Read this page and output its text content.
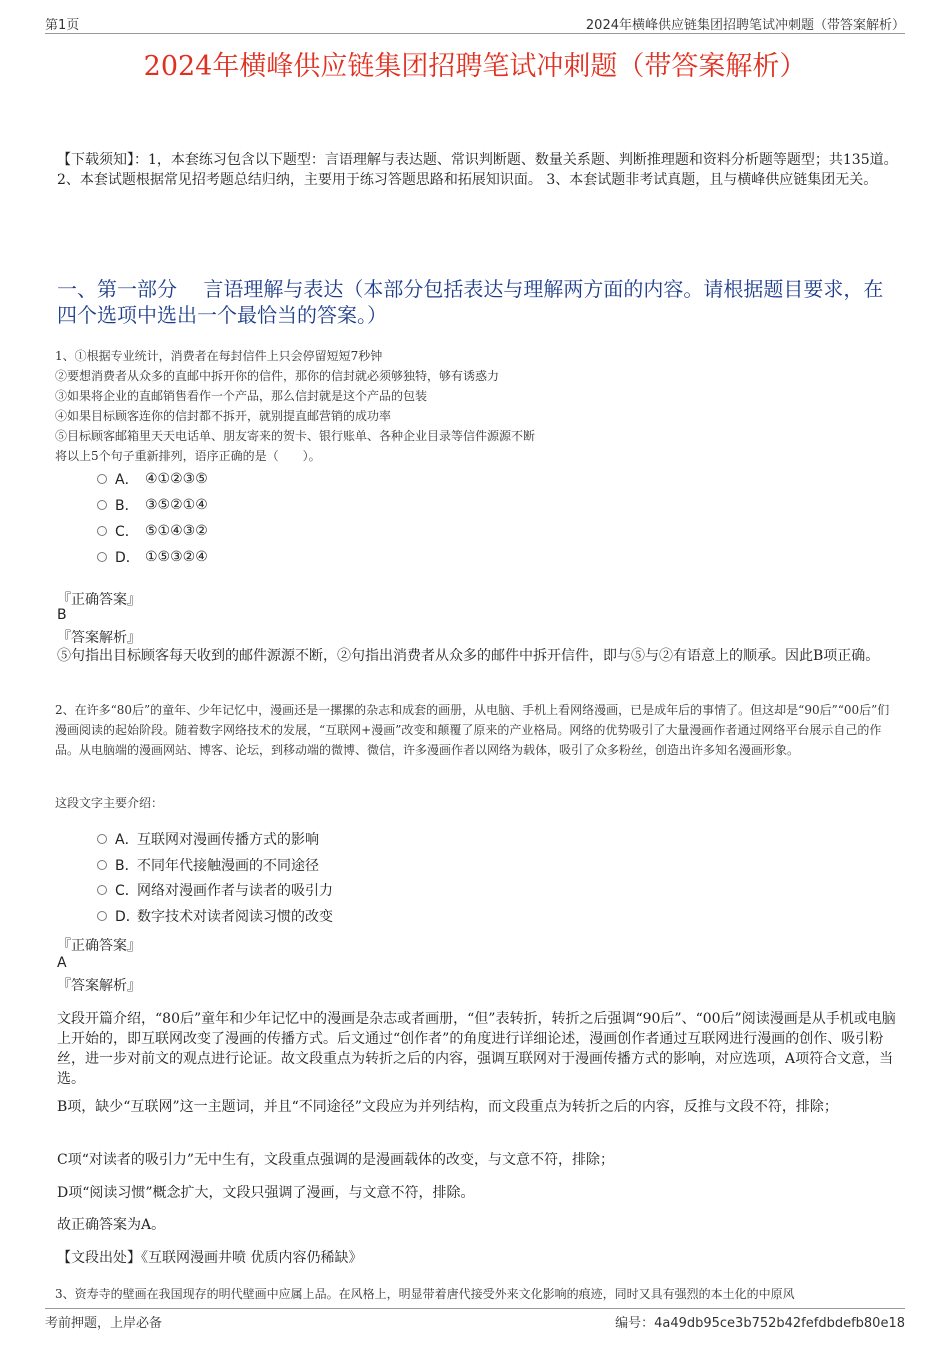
第1页	2024年横峰供应链集团招聘笔试冲刺题（带答案解析）
2024年横峰供应链集团招聘笔试冲刺题（带答案解析）
【下载须知】：1，本套练习包含以下题型：言语理解与表达题、常识判断题、数量关系题、判断推理题和资料分析题等题型；共135道。 2、本套试题根据常见招考题总结归纳，主要用于练习答题思路和拓展知识面。 3、本套试题非考试真题，且与横峰供应链集团无关。
一、第一部分　 言语理解与表达（本部分包括表达与理解两方面的内容。请根据题目要求，在四个选项中选出一个最恰当的答案。）
1、①根据专业统计，消费者在每封信件上只会停留短短7秒钟
②要想消费者从众多的直邮中拆开你的信件，那你的信封就必须够独特，够有诱惑力
③如果将企业的直邮销售看作一个产品，那么信封就是这个产品的包装
④如果目标顾客连你的信封都不拆开，就别提直邮营销的成功率
⑤目标顾客邮箱里天天电话单、朋友寄来的贺卡、银行账单、各种企业目录等信件源源不断
将以上5个句子重新排列，语序正确的是（　　）。
A． ④①②③⑤
B． ③⑤②①④
C． ⑤①④③②
D． ①⑤③②④
『正确答案』
B
『答案解析』
⑤句指出目标顾客每天收到的邮件源源不断，②句指出消费者从众多的邮件中拆开信件，即与⑤与②有语意上的顺承。因此B项正确。
2、在许多“80后”的童年、少年记忆中，漫画还是一摞摞的杂志和成套的画册，从电脑、手机上看网络漫画，已是成年后的事情了。但这却是“90后”“00后”们漫画阅读的起始阶段。随着数字网络技术的发展，“互联网+漫画”改变和颠覆了原来的产业格局。网络的优势吸引了大量漫画作者通过网络平台展示自己的作品。从电脑端的漫画网站、博客、论坛，到移动端的微博、微信，许多漫画作者以网络为载体，吸引了众多粉丝，创造出许多知名漫画形象。
这段文字主要介绍：
A．
互联网对漫画传播方式的影响
B．
不同年代接触漫画的不同途径
C．
网络对漫画作者与读者的吸引力
D．
数字技术对读者阅读习惯的改变
『正确答案』
A
『答案解析』
文段开篇介绍，“80后”童年和少年记忆中的漫画是杂志或者画册，“但”表转折，转折之后强调“90后”、“00后”阅读漫画是从手机或电脑上开始的，即互联网改变了漫画的传播方式。后文通过“创作者”的角度进行详细论述，漫画创作者通过互联网进行漫画的创作、吸引粉丝，进一步对前文的观点进行论证。故文段重点为转折之后的内容，强调互联网对于漫画传播方式的影响，对应选项，A项符合文意，当选。
B项，缺少“互联网”这一主题词，并且“不同途径”文段应为并列结构，而文段重点为转折之后的内容，反推与文段不符，排除；
C项“对读者的吸引力”无中生有，文段重点强调的是漫画载体的改变，与文意不符，排除；
D项“阅读习惯”概念扩大，文段只强调了漫画，与文意不符，排除。
故正确答案为A。
【文段出处】《互联网漫画井喷 优质内容仍稀缺》
3、资寿寺的壁画在我国现存的明代壁画中应属上品。在风格上，明显带着唐代接受外来文化影响的痕迹，同时又具有强烈的本土化的中原风
考前押题，上岸必备	编号：4a49db95ce3b752b42fefdbdefb80e18
